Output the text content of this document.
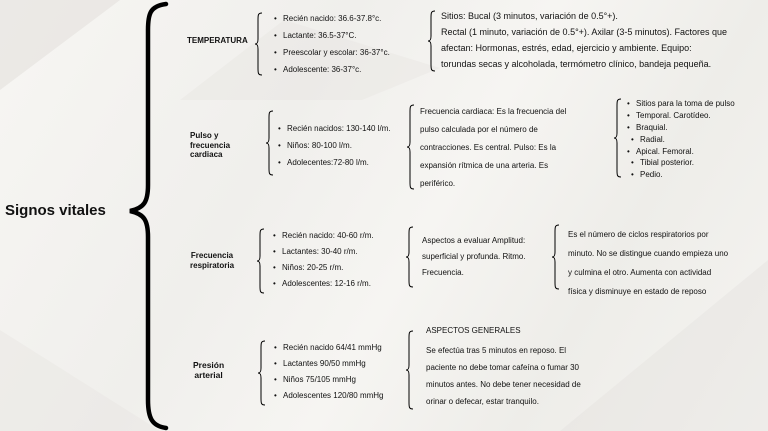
Signos vitales
TEMPERATURA
• Recién nacido: 36.6-37.8°c.
• Lactante: 36.5-37°C.
• Preescolar y escolar: 36-37°c.
• Adolescente: 36-37°c.
Sitios: Bucal (3 minutos, variación de 0.5°+).
Rectal (1 minuto, variación de 0.5°+). Axilar (3-5 minutos). Factores que
afectan: Hormonas, estrés, edad, ejercicio y ambiente. Equipo:
torundas secas y alcoholada, termómetro clínico, bandeja pequeña.
Pulso y
frecuencia
cardiaca
• Recién nacidos: 130-140 l/m.
• Niños: 80-100 l/m.
• Adolecentes:72-80 l/m.
Frecuencia cardiaca: Es la frecuencia del
pulso calculada por el número de
contracciones. Es central. Pulso: Es la
expansión rítmica de una arteria. Es
periférico.
• Sitios para la toma de pulso
• Temporal. Carotídeo.
• Braquial.
• Radial.
• Apical. Femoral.
• Tibial posterior.
• Pedio.
Frecuencia
respiratoria
• Recién nacido: 40-60 r/m.
• Lactantes: 30-40 r/m.
• Niños: 20-25 r/m.
• Adolescentes: 12-16 r/m.
Aspectos a evaluar Amplitud:
superficial y profunda. Ritmo.
Frecuencia.
Es el número de ciclos respiratorios por
minuto. No se distingue cuando empieza uno
y culmina el otro. Aumenta con actividad
física y disminuye en estado de reposo
Presión
arterial
• Recién nacido 64/41 mmHg
• Lactantes 90/50 mmHg
• Niños 75/105 mmHg
• Adolescentes 120/80 mmHg
ASPECTOS GENERALES
Se efectúa tras 5 minutos en reposo. El
paciente no debe tomar cafeína o fumar 30
minutos antes. No debe tener necesidad de
orinar o defecar, estar tranquilo.
